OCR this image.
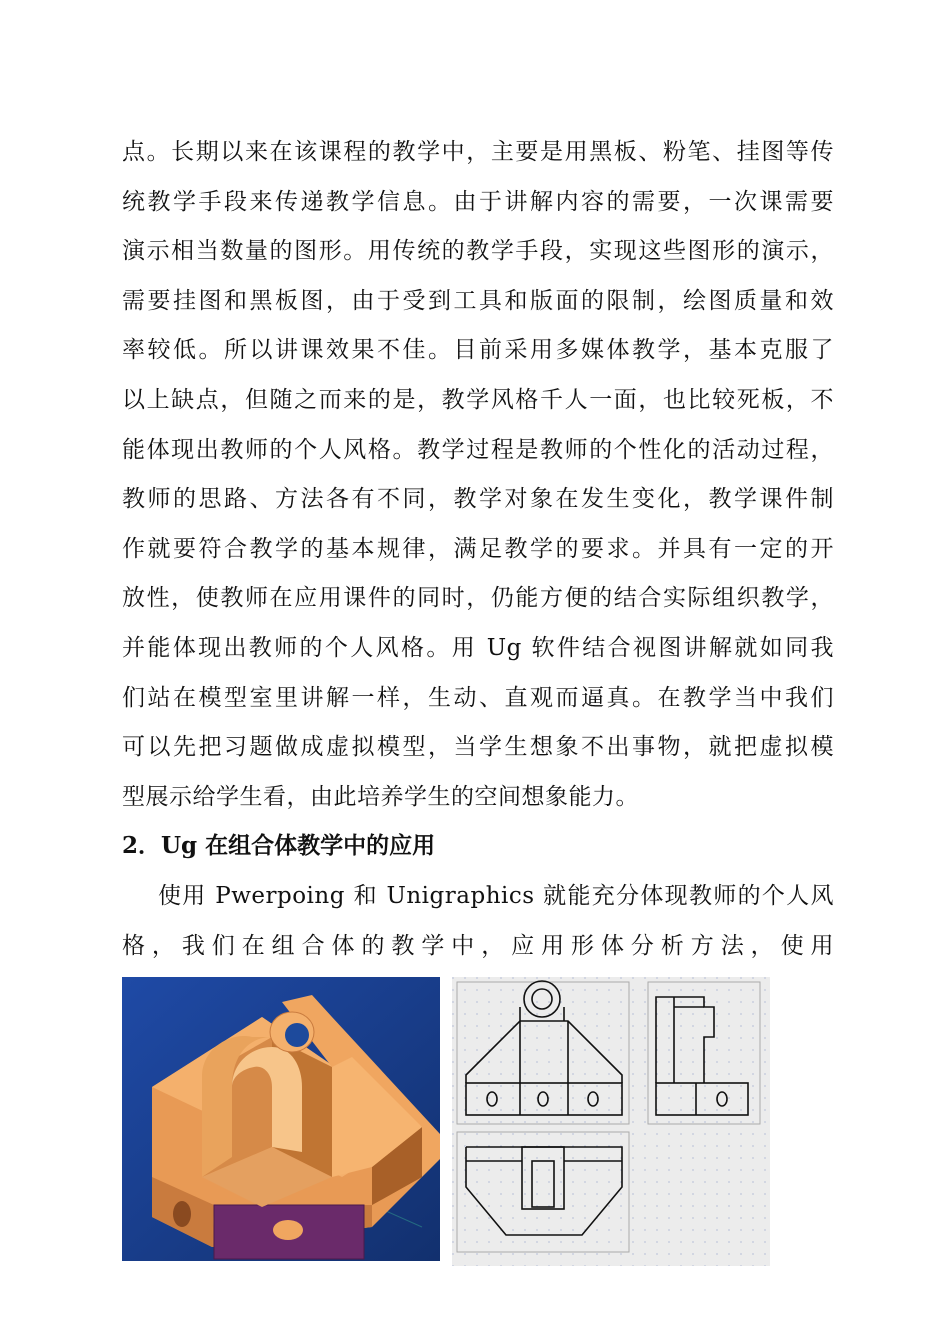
点。长期以来在该课程的教学中，主要是用黑板、粉笔、挂图等传
统教学手段来传递教学信息。由于讲解内容的需要，一次课需要
演示相当数量的图形。用传统的教学手段，实现这些图形的演示，
需要挂图和黑板图，由于受到工具和版面的限制，绘图质量和效
率较低。所以讲课效果不佳。目前采用多媒体教学，基本克服了
以上缺点，但随之而来的是，教学风格千人一面，也比较死板，不
能体现出教师的个人风格。教学过程是教师的个性化的活动过程，
教师的思路、方法各有不同，教学对象在发生变化，教学课件制
作就要符合教学的基本规律，满足教学的要求。并具有一定的开
放性，使教师在应用课件的同时，仍能方便的结合实际组织教学，
并能体现出教师的个人风格。用 Ug 软件结合视图讲解就如同我
们站在模型室里讲解一样，生动、直观而逼真。在教学当中我们
可以先把习题做成虚拟模型，当学生想象不出事物，就把虚拟模
型展示给学生看，由此培养学生的空间想象能力。
2．Ug 在组合体教学中的应用
使用 Pwerpoing 和 Unigraphics 就能充分体现教师的个人风
格，我们在组合体的教学中，应用形体分析方法，使用
